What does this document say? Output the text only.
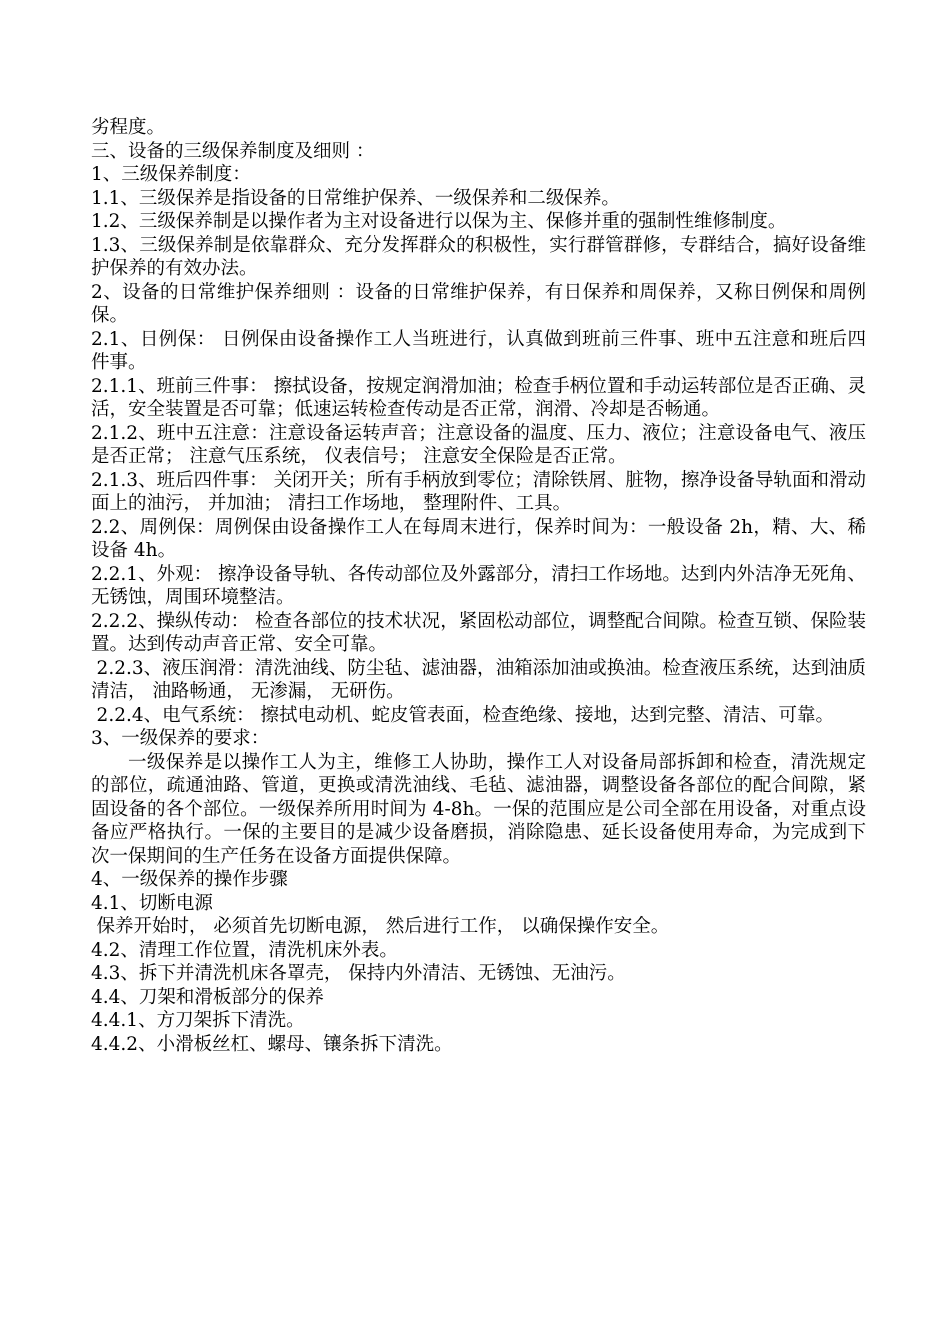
劣程度。

三、设备的三级保养制度及细则 ：

1、三级保养制度：

1.1、三级保养是指设备的日常维护保养、一级保养和二级保养。

1.2、三级保养制是以操作者为主对设备进行以保为主、保修并重的强制性维修制度。

1.3、三级保养制是依靠群众、充分发挥群众的积极性，实行群管群修，专群结合，搞好设备维护保养的有效办法。

2、设备的日常维护保养细则 ：设备的日常维护保养，有日保养和周保养，又称日例保和周例保。

2.1、日例保： 日例保由设备操作工人当班进行，认真做到班前三件事、班中五注意和班后四件事。

2.1.1、班前三件事： 擦拭设备，按规定润滑加油；检查手柄位置和手动运转部位是否正确、灵活，安全装置是否可靠；低速运转检查传动是否正常，润滑、冷却是否畅通。

2.1.2、班中五注意：注意设备运转声音；注意设备的温度、压力、液位；注意设备电气、液压是否正常； 注意气压系统， 仪表信号； 注意安全保险是否正常。

2.1.3、班后四件事： 关闭开关；所有手柄放到零位；清除铁屑、脏物，擦净设备导轨面和滑动面上的油污， 并加油； 清扫工作场地， 整理附件、工具。

2.2、周例保：周例保由设备操作工人在每周末进行，保养时间为：一般设备 2h，精、大、稀设备 4h。

2.2.1、外观： 擦净设备导轨、各传动部位及外露部分，清扫工作场地。达到内外洁净无死角、无锈蚀，周围环境整洁。

2.2.2、操纵传动： 检查各部位的技术状况，紧固松动部位，调整配合间隙。检查互锁、保险装置。达到传动声音正常、安全可靠。

2.2.3、液压润滑：清洗油线、防尘毡、滤油器，油箱添加油或换油。检查液压系统，达到油质清洁， 油路畅通， 无渗漏， 无研伤。

2.2.4、电气系统： 擦拭电动机、蛇皮管表面，检查绝缘、接地，达到完整、清洁、可靠。

3、一级保养的要求：

一级保养是以操作工人为主，维修工人协助，操作工人对设备局部拆卸和检查，清洗规定的部位，疏通油路、管道，更换或清洗油线、毛毡、滤油器，调整设备各部位的配合间隙，紧固设备的各个部位。一级保养所用时间为 4-8h。一保的范围应是公司全部在用设备，对重点设备应严格执行。一保的主要目的是减少设备磨损，消除隐患、延长设备使用寿命，为完成到下次一保期间的生产任务在设备方面提供保障。

4、一级保养的操作步骤

4.1、切断电源

保养开始时， 必须首先切断电源， 然后进行工作， 以确保操作安全。

4.2、清理工作位置，清洗机床外表。

4.3、拆下并清洗机床各罩壳， 保持内外清洁、无锈蚀、无油污。

4.4、刀架和滑板部分的保养

4.4.1、方刀架拆下清洗。

4.4.2、小滑板丝杠、螺母、镶条拆下清洗。
